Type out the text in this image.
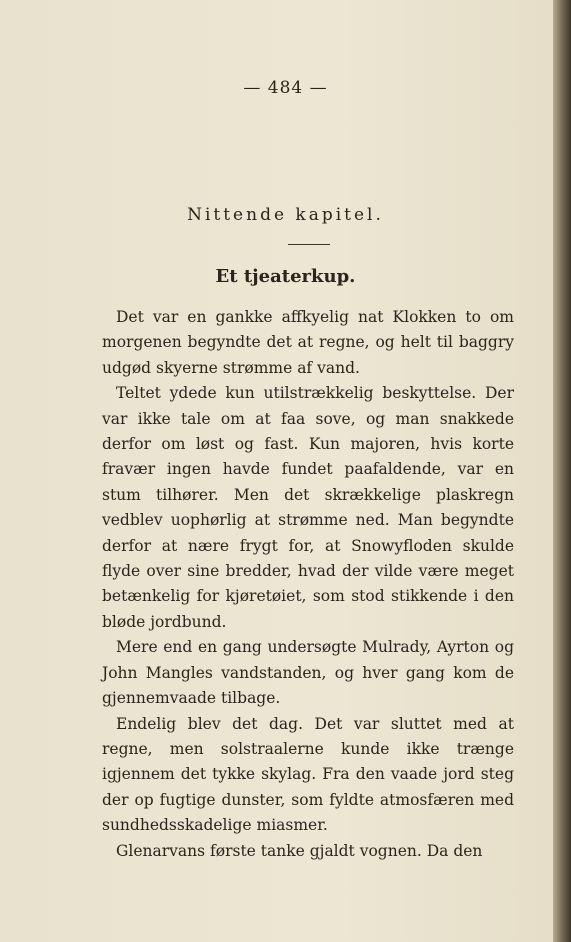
— 484 —
Nittende kapitel.
Et tjeaterkup.

Det var en gankke affkyelig nat Klokken to om morgenen begyndte det at regne, og helt til baggry udgød skyerne strømme af vand.

Teltet ydede kun utilstrækkelig beskyttelse. Der var ikke tale om at faa sove, og man snakkede derfor om løst og fast. Kun majoren, hvis korte fravær ingen havde fundet paafaldende, var en stum tilhører. Men det skrækkelige plaskregn vedblev uophørlig at strømme ned. Man begyndte derfor at nære frygt for, at Snowyfloden skulde flyde over sine bredder, hvad der vilde være meget betænkelig for kjøretøiet, som stod stikkende i den bløde jordbund.

Mere end en gang undersøgte Mulrady, Ayrton og John Mangles vandstanden, og hver gang kom de gjennemvaade tilbage.

Endelig blev det dag. Det var sluttet med at regne, men solstraalerne kunde ikke trænge igjennem det tykke skylag. Fra den vaade jord steg der op fugtige dunster, som fyldte atmosfæren med sundhedsskadelige miasmer.

Glenarvans første tanke gjaldt vognen. Da den
